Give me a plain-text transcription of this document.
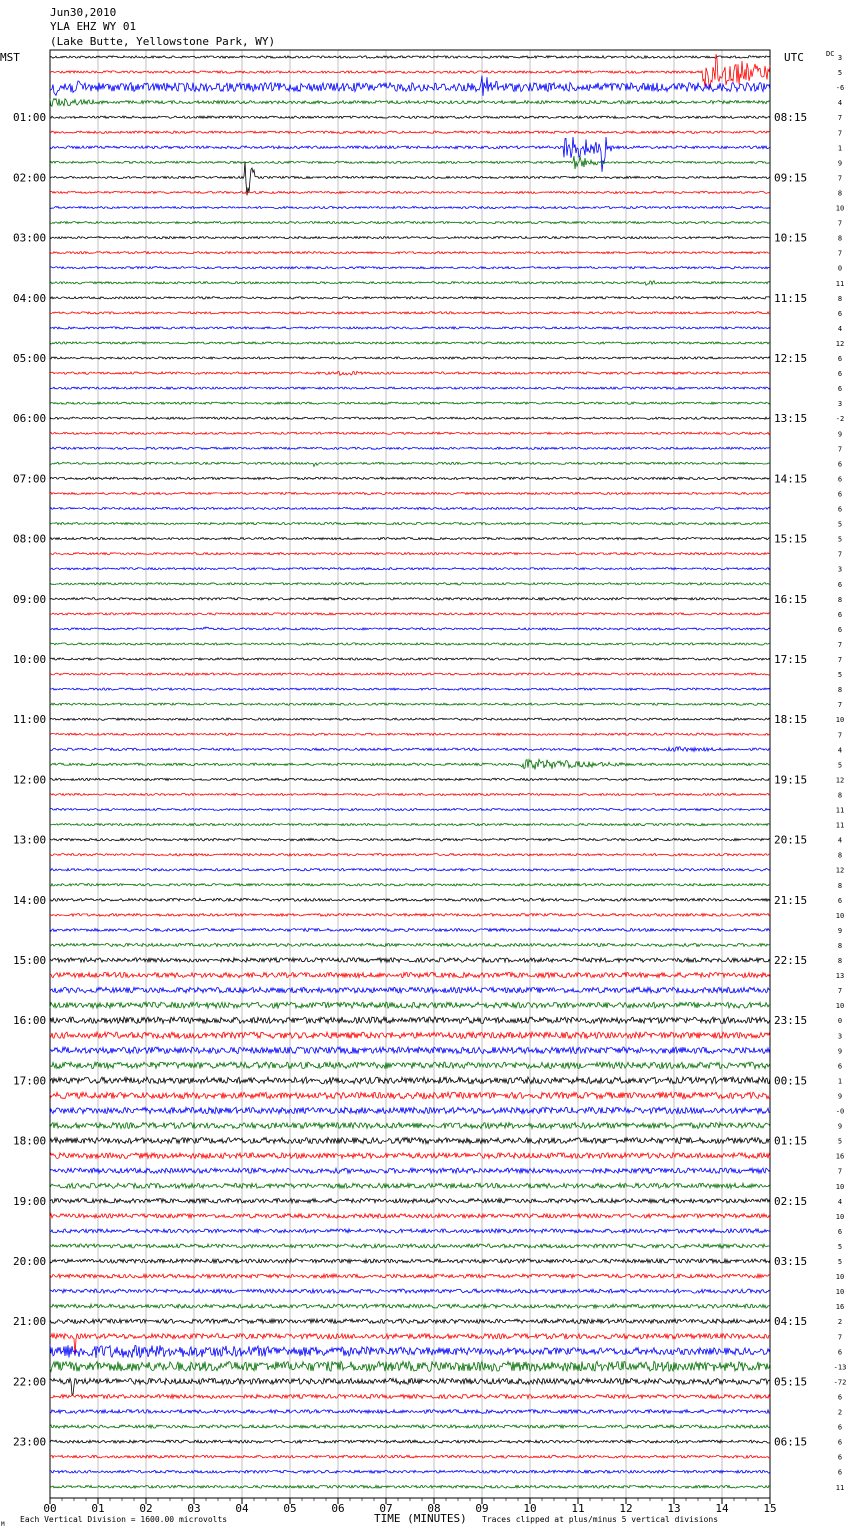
Jun30,2010
YLA EHZ WY 01
(Lake Butte, Yellowstone Park, WY)
MST	UTC	DC
00	01	02	03	04	05	06	07	08	09	10	11	12	13	14	15
3
5
-6
4
7
7
1
9
7
8
10
7
8
7
0
11
8
6
4
12
6
6
6
3
-2
9
7
6
6
6
6
5
5
7
3
6
8
6
6
7
7
5
8
7
10
7
4
5
12
8
11
11
4
8
12
8
6
10
9
8
8
13
7
10
0
3
9
6
1
9
-0
9
5
16
7
10
4
10
6
5
5
10
10
16
2
7
6
-13
-72
6
2
6
6
6
6
11
01:00	08:15
02:00	09:15
03:00	10:15
04:00	11:15
05:00	12:15
06:00	13:15
07:00	14:15
08:00	15:15
09:00	16:15
10:00	17:15
11:00	18:15
12:00	19:15
13:00	20:15
14:00	21:15
15:00	22:15
16:00	23:15
17:00	00:15
18:00	01:15
19:00	02:15
20:00	03:15
21:00	04:15
22:00	05:15
23:00	06:15
M
Each Vertical Division = 1600.00 microvolts	TIME (MINUTES) Traces clipped at plus/minus 5 vertical divisions
